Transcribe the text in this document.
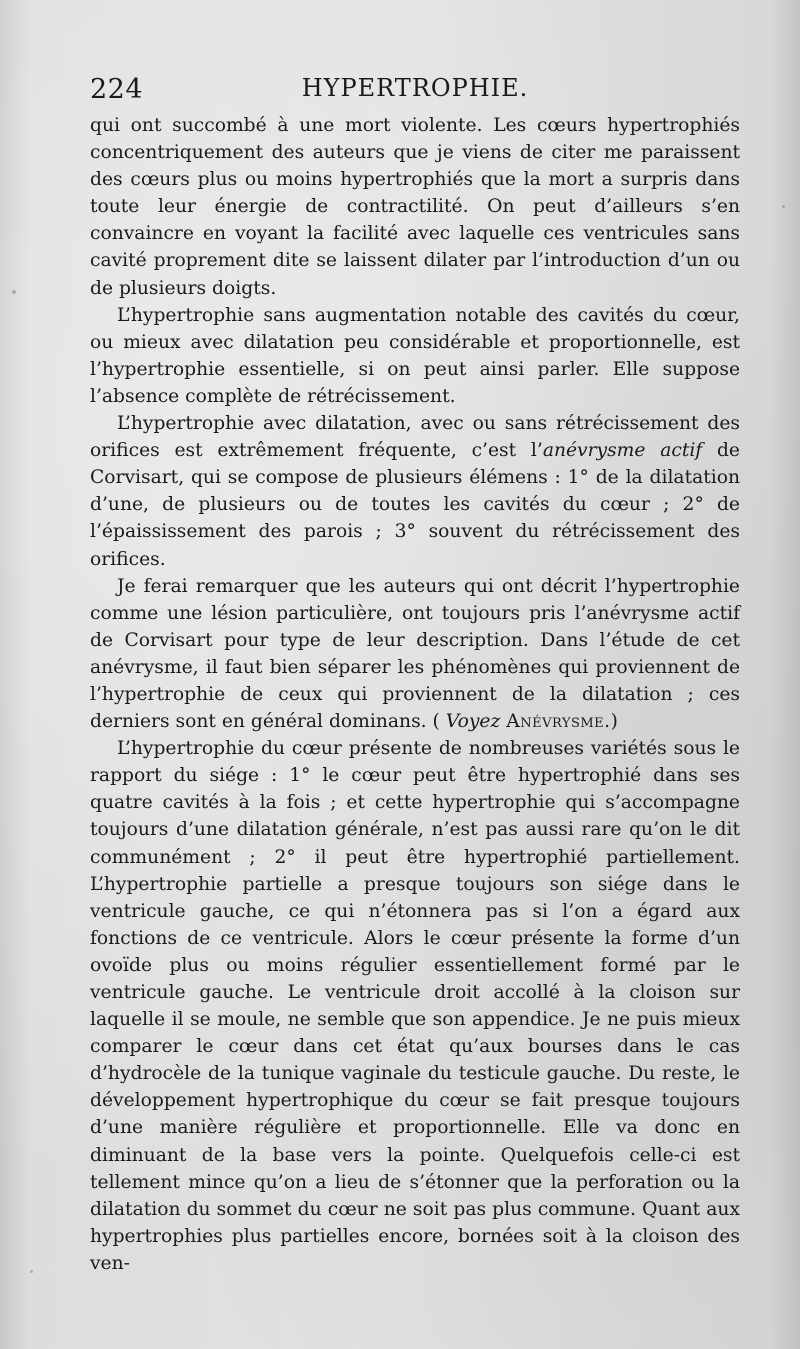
224	HYPERTROPHIE.

qui ont succombé à une mort violente. Les cœurs hypertrophiés concentriquement des auteurs que je viens de citer me paraissent des cœurs plus ou moins hypertrophiés que la mort a surpris dans toute leur énergie de contractilité. On peut d’ailleurs s’en convaincre en voyant la facilité avec laquelle ces ventricules sans cavité proprement dite se laissent dilater par l’introduction d’un ou de plusieurs doigts.

L’hypertrophie sans augmentation notable des cavités du cœur, ou mieux avec dilatation peu considérable et proportionnelle, est l’hypertrophie essentielle, si on peut ainsi parler. Elle suppose l’absence complète de rétrécissement.

L’hypertrophie avec dilatation, avec ou sans rétrécissement des orifices est extrêmement fréquente, c’est l’anévrysme actif de Corvisart, qui se compose de plusieurs élémens : 1° de la dilatation d’une, de plusieurs ou de toutes les cavités du cœur ; 2° de l’épaississement des parois ; 3° souvent du rétrécissement des orifices.

Je ferai remarquer que les auteurs qui ont décrit l’hypertrophie comme une lésion particulière, ont toujours pris l’anévrysme actif de Corvisart pour type de leur description. Dans l’étude de cet anévrysme, il faut bien séparer les phénomènes qui proviennent de l’hypertrophie de ceux qui proviennent de la dilatation ; ces derniers sont en général dominans. ( Voyez Anévrysme.)

L’hypertrophie du cœur présente de nombreuses variétés sous le rapport du siége : 1° le cœur peut être hypertrophié dans ses quatre cavités à la fois ; et cette hypertrophie qui s’accompagne toujours d’une dilatation générale, n’est pas aussi rare qu’on le dit communément ; 2° il peut être hypertrophié partiellement. L’hypertrophie partielle a presque toujours son siége dans le ventricule gauche, ce qui n’étonnera pas si l’on a égard aux fonctions de ce ventricule. Alors le cœur présente la forme d’un ovoïde plus ou moins régulier essentiellement formé par le ventricule gauche. Le ventricule droit accollé à la cloison sur laquelle il se moule, ne semble que son appendice. Je ne puis mieux comparer le cœur dans cet état qu’aux bourses dans le cas d’hydrocèle de la tunique vaginale du testicule gauche. Du reste, le développement hypertrophique du cœur se fait presque toujours d’une manière régulière et proportionnelle. Elle va donc en diminuant de la base vers la pointe. Quelquefois celle-ci est tellement mince qu’on a lieu de s’étonner que la perforation ou la dilatation du sommet du cœur ne soit pas plus commune. Quant aux hypertrophies plus partielles encore, bornées soit à la cloison des ven-
